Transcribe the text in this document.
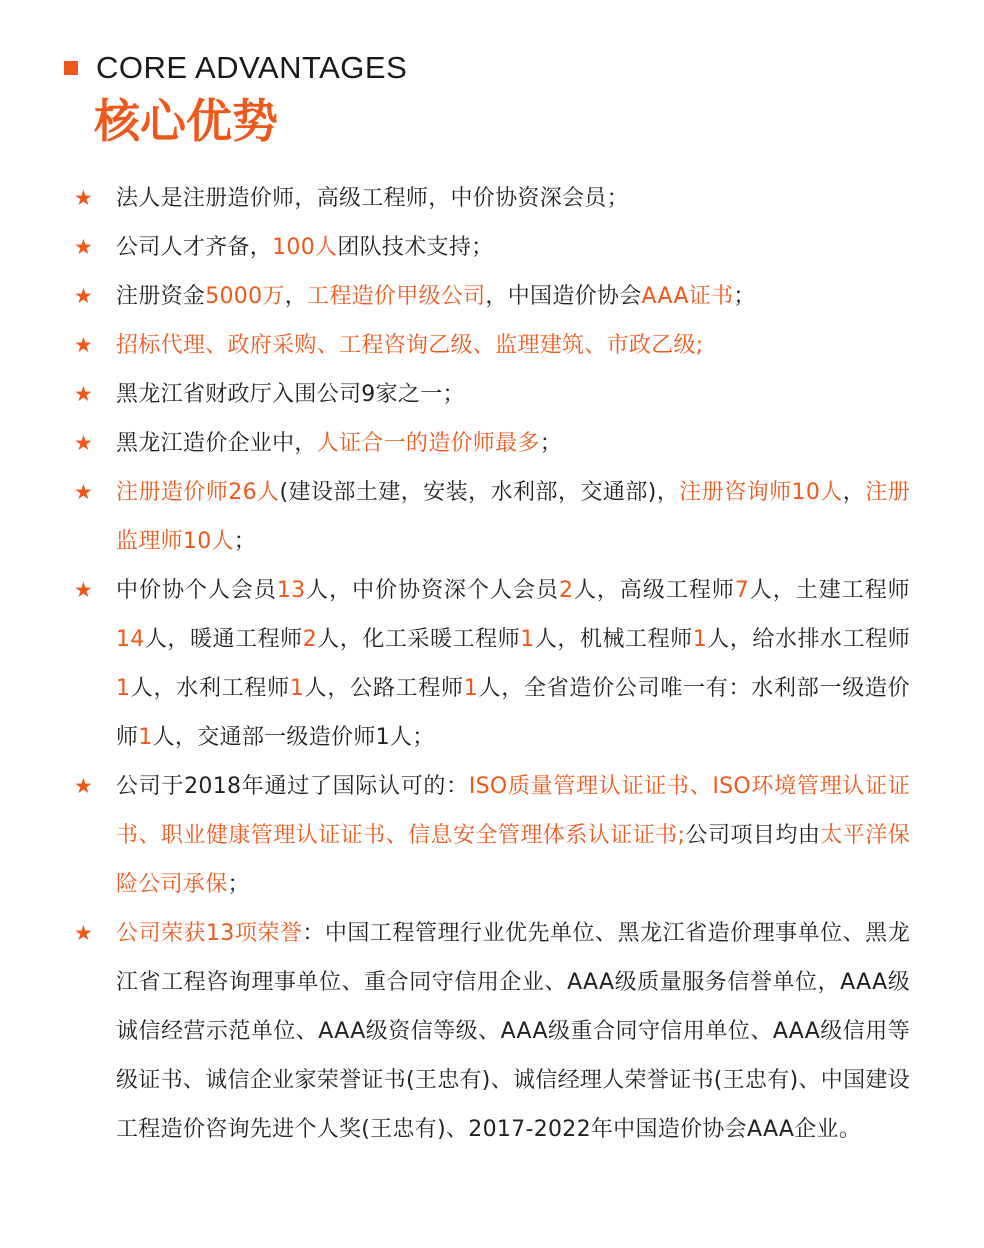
CORE ADVANTAGES
核心优势
★	法人是注册造价师，高级工程师，中价协资深会员；
★	公司人才齐备，100人团队技术支持；
★	注册资金5000万，工程造价甲级公司，中国造价协会AAA证书；
★	招标代理、政府采购、工程咨询乙级、监理建筑、市政乙级;
★	黑龙江省财政厅入围公司9家之一；
★	黑龙江造价企业中，人证合一的造价师最多；
★	注册造价师26人(建设部土建，安装，水利部，交通部)，注册咨询师10人，注册监理师10人；
★	中价协个人会员13人，中价协资深个人会员2人，高级工程师7人，土建工程师14人，暖通工程师2人，化工采暖工程师1人，机械工程师1人，给水排水工程师1人，水利工程师1人，公路工程师1人，全省造价公司唯一有：水利部一级造价师1人，交通部一级造价师1人；
★	公司于2018年通过了国际认可的：ISO质量管理认证证书、ISO环境管理认证证书、职业健康管理认证证书、信息安全管理体系认证证书;公司项目均由太平洋保险公司承保；
★	公司荣获13项荣誉：中国工程管理行业优先单位、黑龙江省造价理事单位、黑龙江省工程咨询理事单位、重合同守信用企业、AAA级质量服务信誉单位，AAA级诚信经营示范单位、AAA级资信等级、AAA级重合同守信用单位、AAA级信用等级证书、诚信企业家荣誉证书(王忠有)、诚信经理人荣誉证书(王忠有)、中国建设工程造价咨询先进个人奖(王忠有)、2017-2022年中国造价协会AAA企业。
